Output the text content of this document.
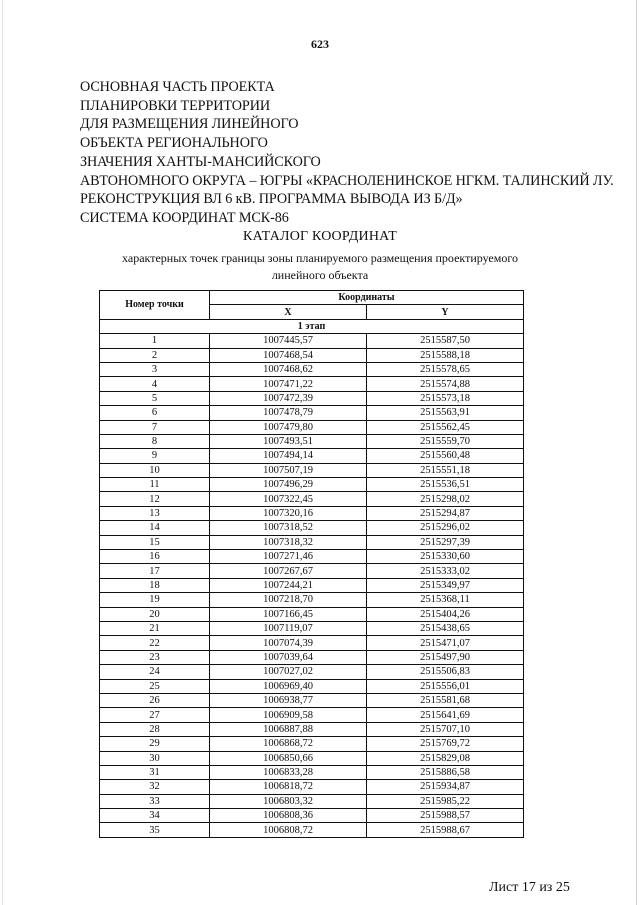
623
ОСНОВНАЯ ЧАСТЬ ПРОЕКТА
ПЛАНИРОВКИ ТЕРРИТОРИИ
ДЛЯ РАЗМЕЩЕНИЯ ЛИНЕЙНОГО
ОБЪЕКТА РЕГИОНАЛЬНОГО
ЗНАЧЕНИЯ ХАНТЫ-МАНСИЙСКОГО
АВТОНОМНОГО ОКРУГА – ЮГРЫ «КРАСНОЛЕНИНСКОЕ НГКМ. ТАЛИНСКИЙ ЛУ.
РЕКОНСТРУКЦИЯ ВЛ 6 кВ. ПРОГРАММА ВЫВОДА ИЗ Б/Д»
СИСТЕМА КООРДИНАТ МСК-86
КАТАЛОГ КООРДИНАТ
характерных точек границы зоны планируемого размещения проектируемого линейного объекта
Номер точки	Координаты	
	X	Y
1 этап		
1	1007445,57	2515587,50
2	1007468,54	2515588,18
3	1007468,62	2515578,65
4	1007471,22	2515574,88
5	1007472,39	2515573,18
6	1007478,79	2515563,91
7	1007479,80	2515562,45
8	1007493,51	2515559,70
9	1007494,14	2515560,48
10	1007507,19	2515551,18
11	1007496,29	2515536,51
12	1007322,45	2515298,02
13	1007320,16	2515294,87
14	1007318,52	2515296,02
15	1007318,32	2515297,39
16	1007271,46	2515330,60
17	1007267,67	2515333,02
18	1007244,21	2515349,97
19	1007218,70	2515368,11
20	1007166,45	2515404,26
21	1007119,07	2515438,65
22	1007074,39	2515471,07
23	1007039,64	2515497,90
24	1007027,02	2515506,83
25	1006969,40	2515556,01
26	1006938,77	2515581,68
27	1006909,58	2515641,69
28	1006887,88	2515707,10
29	1006868,72	2515769,72
30	1006850,66	2515829,08
31	1006833,28	2515886,58
32	1006818,72	2515934,87
33	1006803,32	2515985,22
34	1006808,36	2515988,57
35	1006808,72	2515988,67
Лист 17 из 25
